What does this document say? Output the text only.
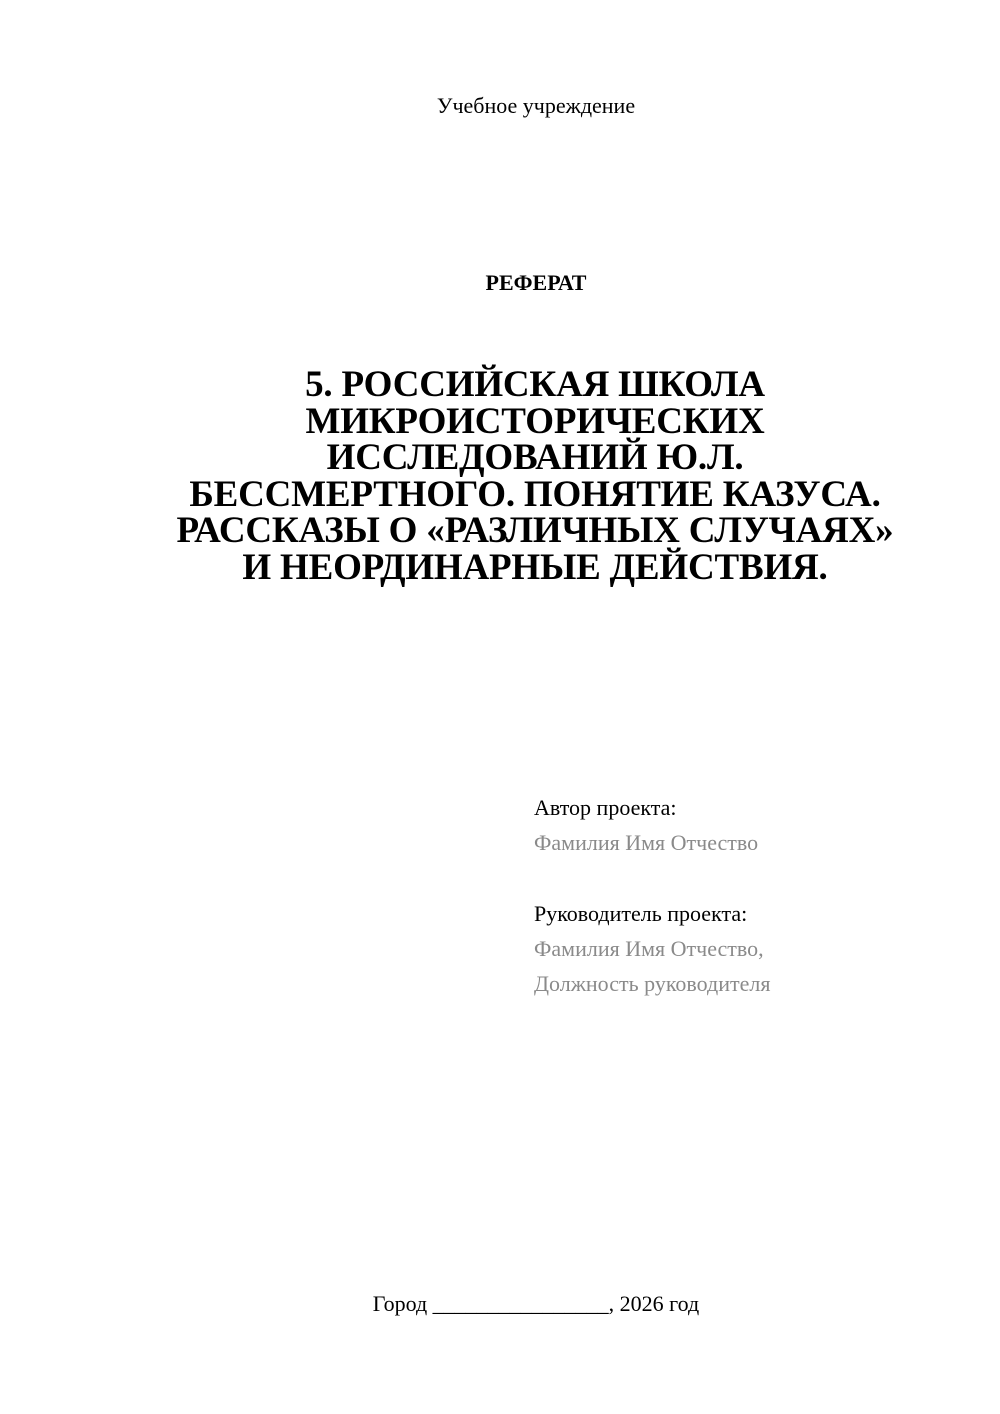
Учебное учреждение
РЕФЕРАТ
5. РОССИЙСКАЯ ШКОЛА
МИКРОИСТОРИЧЕСКИХ
ИССЛЕДОВАНИЙ Ю.Л.
БЕССМЕРТНОГО. ПОНЯТИЕ КАЗУСА.
РАССКАЗЫ О «РАЗЛИЧНЫХ СЛУЧАЯХ»
И НЕОРДИНАРНЫЕ ДЕЙСТВИЯ.
Автор проекта:
Фамилия Имя Отчество
Руководитель проекта:
Фамилия Имя Отчество,
Должность руководителя
Город ________________, 2026 год
